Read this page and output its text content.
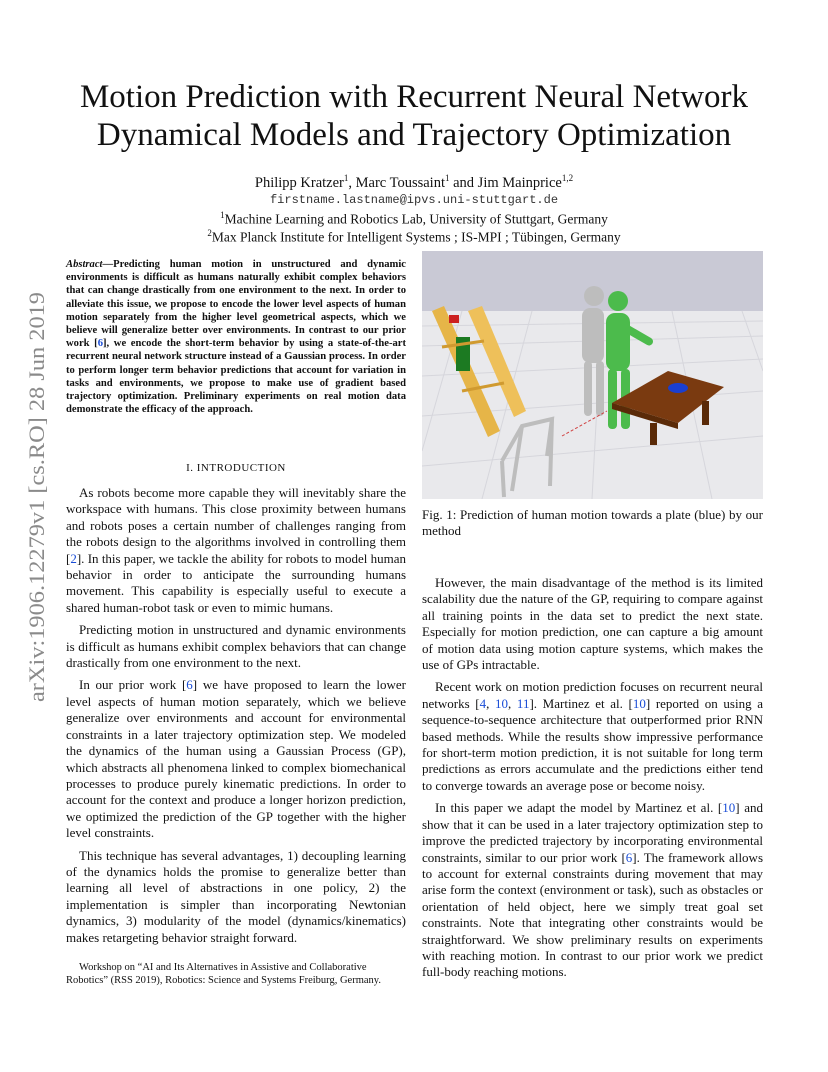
arXiv:1906.12279v1 [cs.RO] 28 Jun 2019
Motion Prediction with Recurrent Neural Network
Dynamical Models and Trajectory Optimization
Philipp Kratzer$^1$, Marc Toussaint$^1$ and Jim Mainprice$^{1,2}$
firstname.lastname@ipvs.uni-stuttgart.de
$^1$Machine Learning and Robotics Lab, University of Stuttgart, Germany
$^2$Max Planck Institute for Intelligent Systems ; IS-MPI ; Tübingen, Germany
Abstract—Predicting human motion in unstructured and dynamic environments is difficult as humans naturally exhibit complex behaviors that can change drastically from one environment to the next. In order to alleviate this issue, we propose to encode the lower level aspects of human motion separately from the higher level geometrical aspects, which we believe will generalize better over environments. In contrast to our prior work [6], we encode the short-term behavior by using a state-of-the-art recurrent neural network structure instead of a Gaussian process. In order to perform longer term behavior predictions that account for variation in tasks and environments, we propose to make use of gradient based trajectory optimization. Preliminary experiments on real motion data demonstrate the efficacy of the approach.
I. INTRODUCTION

As robots become more capable they will inevitably share the workspace with humans. This close proximity between humans and robots poses a certain number of challenges ranging from the robots design to the algorithms involved in controlling them [2]. In this paper, we tackle the ability for robots to model human behavior in order to anticipate the surrounding humans movement. This capability is especially useful to execute a shared human-robot task or even to mimic humans.

Predicting motion in unstructured and dynamic environments is difficult as humans exhibit complex behaviors that can change drastically from one environment to the next.

In our prior work [6] we have proposed to learn the lower level aspects of human motion separately, which we believe generalize over environments and account for environmental constraints in a later trajectory optimization step. We modeled the dynamics of the human using a Gaussian Process (GP), which abstracts all phenomena linked to complex biomechanical processes to produce purely kinematic predictions. In order to account for the context and produce a longer horizon prediction, we optimized the prediction of the GP together with the higher level constraints.

This technique has several advantages, 1) decoupling learning of the dynamics holds the promise to generalize better than learning all level of abstractions in one policy, 2) the implementation is simpler than incorporating Newtonian dynamics, 3) modularity of the model (dynamics/kinematics) makes retargeting behavior straight forward.

Workshop on “AI and Its Alternatives in Assistive and Collaborative
Robotics” (RSS 2019), Robotics: Science and Systems Freiburg, Germany.
Fig. 1: Prediction of human motion towards a plate (blue) by our method

However, the main disadvantage of the method is its limited scalability due the nature of the GP, requiring to compare against all training points in the data set to predict the next state. Especially for motion prediction, one can capture a big amount of motion data using motion capture systems, which makes the use of GPs intractable.

Recent work on motion prediction focuses on recurrent neural networks [4, 10, 11]. Martinez et al. [10] reported on using a sequence-to-sequence architecture that outperformed prior RNN based methods. While the results show impressive performance for short-term motion prediction, it is not suitable for long term predictions as errors accumulate and the predictions either tend to converge towards an average pose or become noisy.

In this paper we adapt the model by Martinez et al. [10] and show that it can be used in a later trajectory optimization step to improve the predicted trajectory by incorporating environmental constraints, similar to our prior work [6]. The framework allows to account for external constraints during movement that may arise form the context (environment or task), such as obstacles or orientation of held object, here we simply treat goal set constraints. Note that integrating other constraints would be straightforward. We show preliminary results on experiments with reaching motion. In contrast to our prior work we predict full-body reaching motions.
